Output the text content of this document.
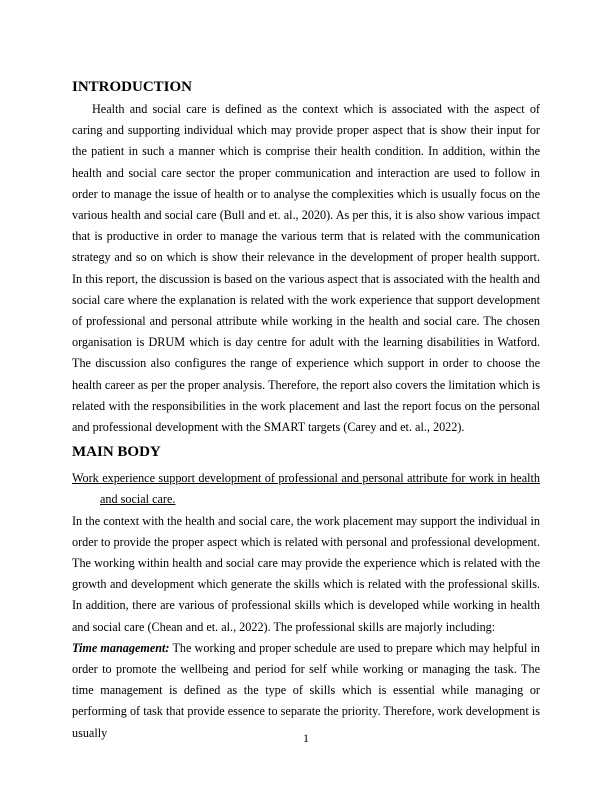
INTRODUCTION

Health and social care is defined as the context which is associated with the aspect of caring and supporting individual which may provide proper aspect that is show their input for the patient in such a manner which is comprise their health condition. In addition, within the health and social care sector the proper communication and interaction are used to follow in order to manage the issue of health or to analyse the complexities which is usually focus on the various health and social care (Bull and et. al., 2020). As per this, it is also show various impact that is productive in order to manage the various term that is related with the communication strategy and so on which is show their relevance in the development of proper health support. In this report, the discussion is based on the various aspect that is associated with the health and social care where the explanation is related with the work experience that support development of professional and personal attribute while working in the health and social care. The chosen organisation is DRUM which is day centre for adult with the learning disabilities in Watford. The discussion also configures the range of experience which support in order to choose the health career as per the proper analysis. Therefore, the report also covers the limitation which is related with the responsibilities in the work placement and last the report focus on the personal and professional development with the SMART targets (Carey and et. al., 2022).

MAIN BODY

Work experience support development of professional and personal attribute for work in health and social care.

In the context with the health and social care, the work placement may support the individual in order to provide the proper aspect which is related with personal and professional development. The working within health and social care may provide the experience which is related with the growth and development which generate the skills which is related with the professional skills. In addition, there are various of professional skills which is developed while working in health and social care (Chean and et. al., 2022). The professional skills are majorly including:

Time management: The working and proper schedule are used to prepare which may helpful in order to promote the wellbeing and period for self while working or managing the task. The time management is defined as the type of skills which is essential while managing or performing of task that provide essence to separate the priority. Therefore, work development is usually	1
